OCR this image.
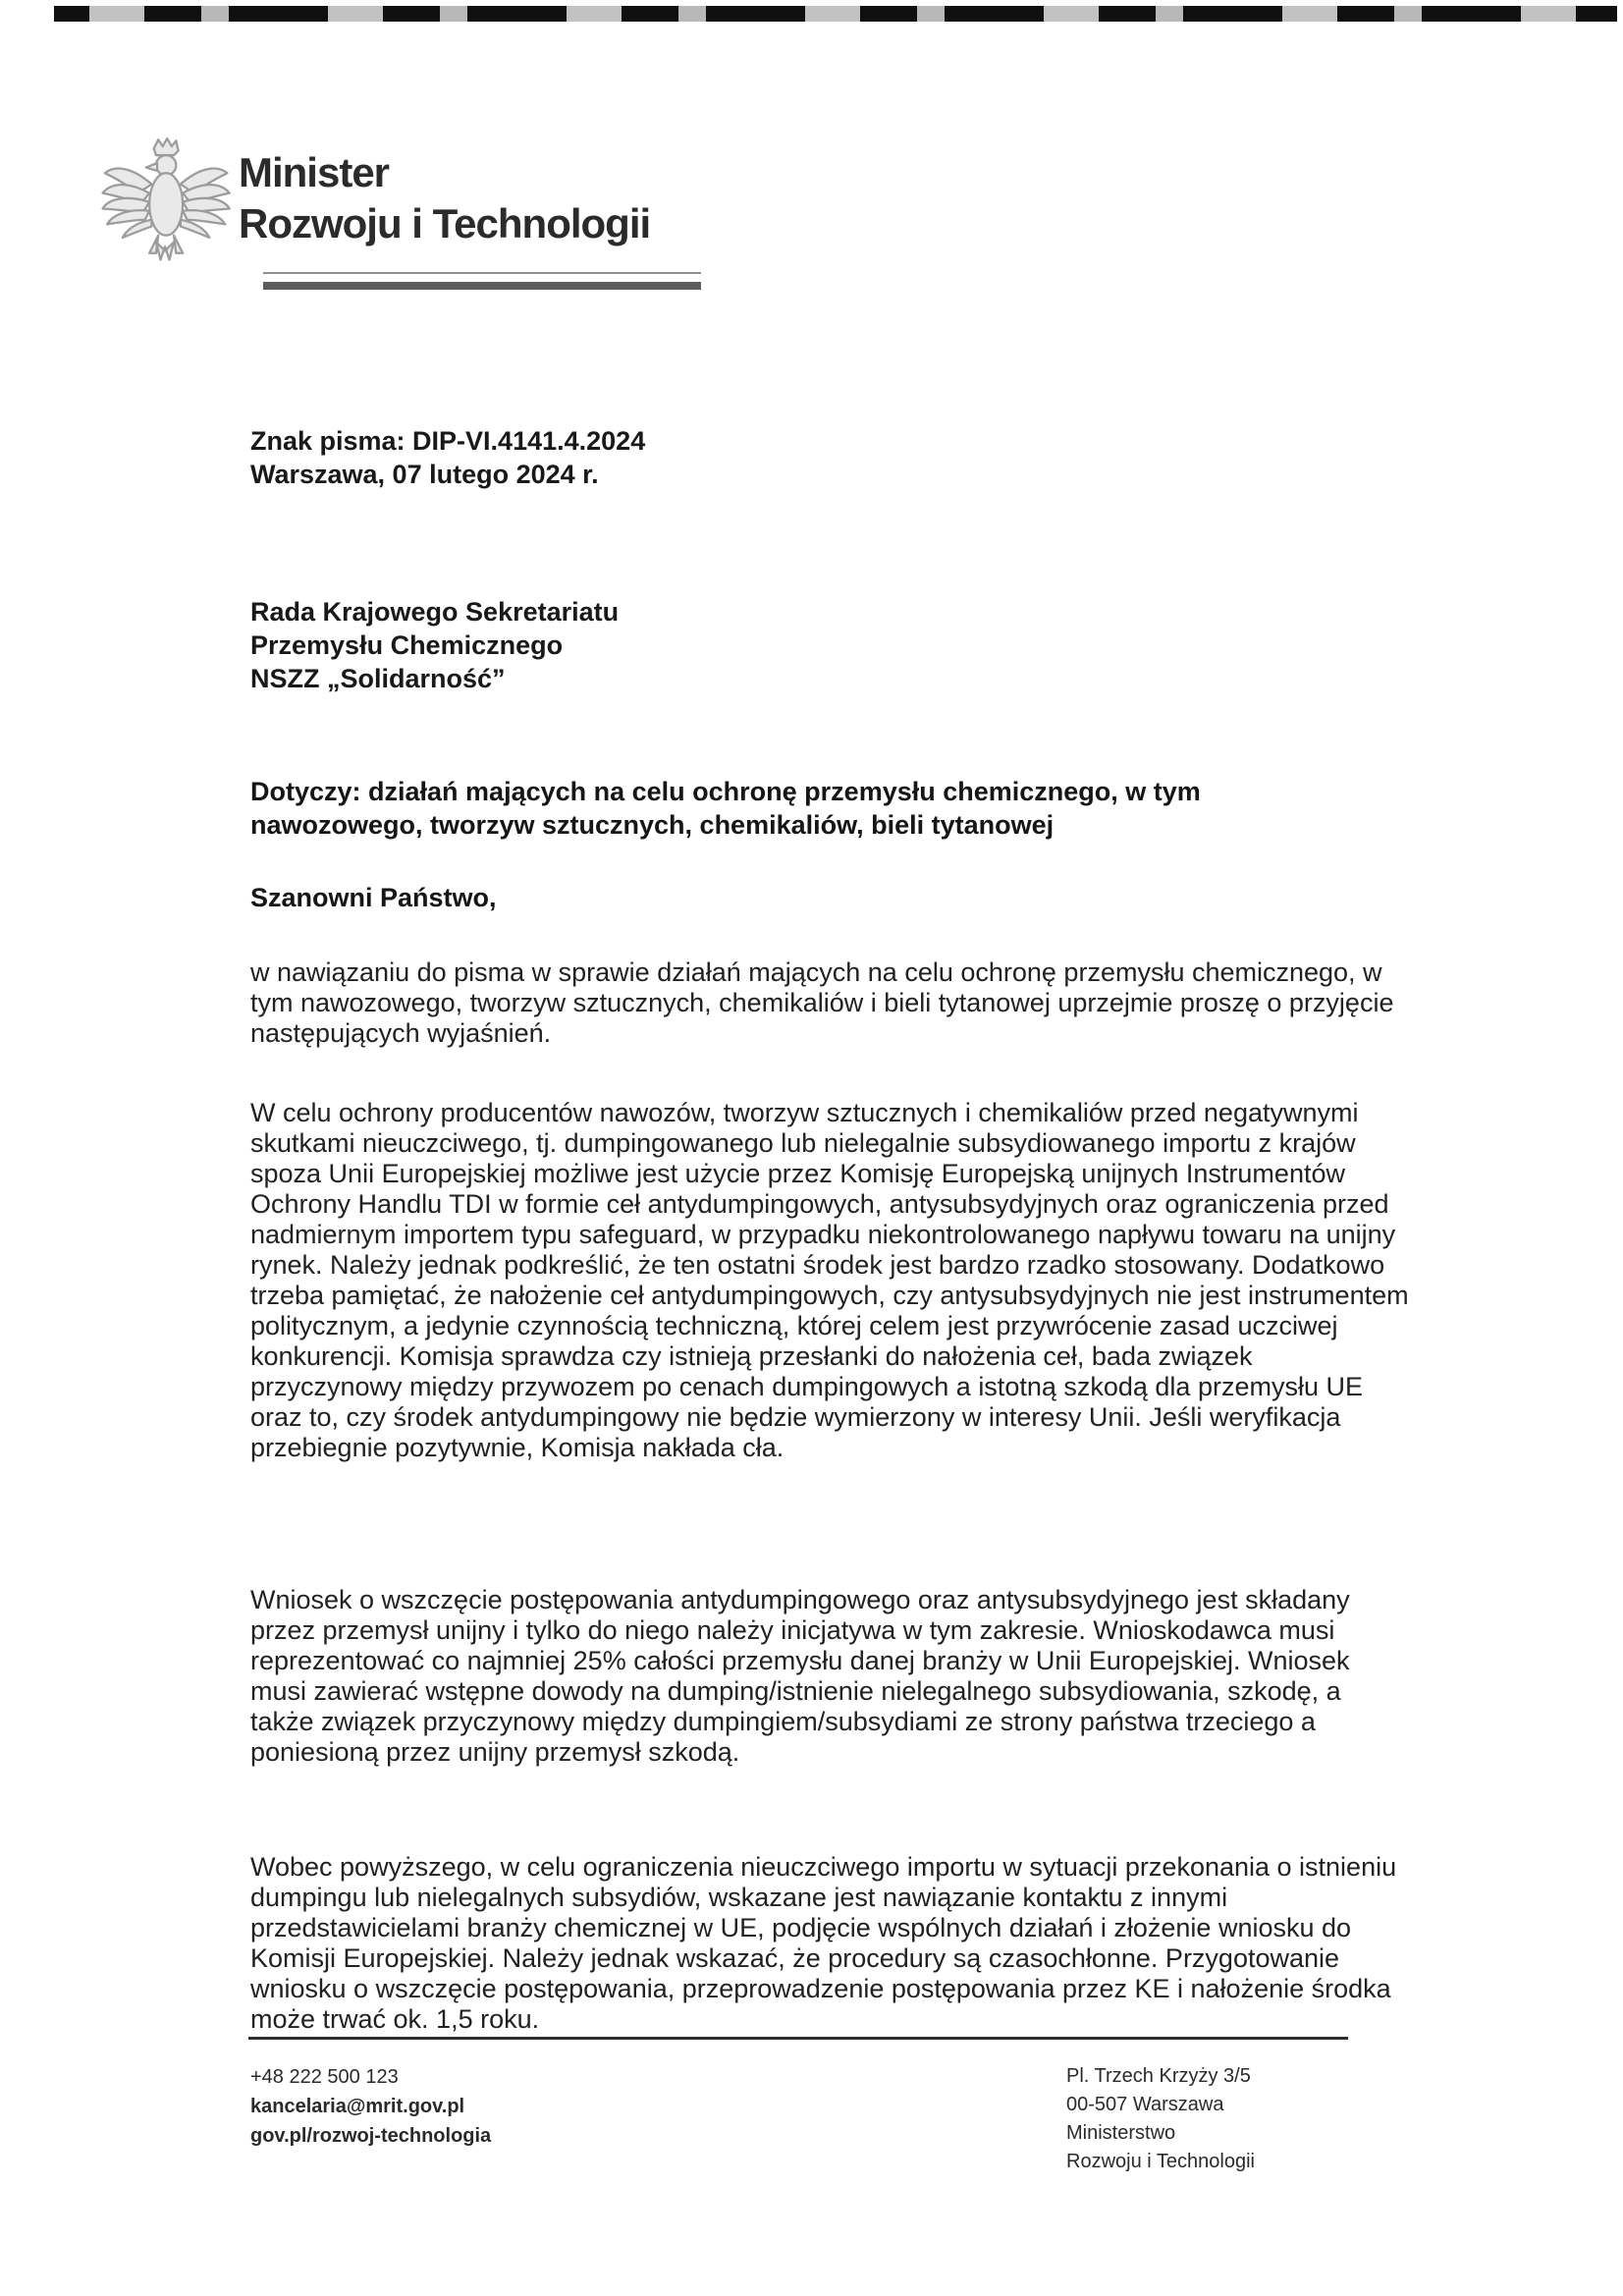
Minister
Rozwoju i Technologii
Znak pisma: DIP-VI.4141.4.2024
Warszawa, 07 lutego 2024 r.
Rada Krajowego Sekretariatu
Przemysłu Chemicznego
NSZZ „Solidarność”
Dotyczy: działań mających na celu ochronę przemysłu chemicznego, w tym nawozowego, tworzyw sztucznych, chemikaliów, bieli tytanowej
Szanowni Państwo,
w nawiązaniu do pisma w sprawie działań mających na celu ochronę przemysłu chemicznego, w tym nawozowego, tworzyw sztucznych, chemikaliów i bieli tytanowej uprzejmie proszę o przyjęcie następujących wyjaśnień.
W celu ochrony producentów nawozów, tworzyw sztucznych i chemikaliów przed negatywnymi skutkami nieuczciwego, tj. dumpingowanego lub nielegalnie subsydiowanego importu z krajów spoza Unii Europejskiej możliwe jest użycie przez Komisję Europejską unijnych Instrumentów Ochrony Handlu TDI w formie ceł antydumpingowych, antysubsydyjnych oraz ograniczenia przed nadmiernym importem typu safeguard, w przypadku niekontrolowanego napływu towaru na unijny rynek. Należy jednak podkreślić, że ten ostatni środek jest bardzo rzadko stosowany. Dodatkowo trzeba pamiętać, że nałożenie ceł antydumpingowych, czy antysubsydyjnych nie jest instrumentem politycznym, a jedynie czynnością techniczną, której celem jest przywrócenie zasad uczciwej konkurencji. Komisja sprawdza czy istnieją przesłanki do nałożenia ceł, bada związek przyczynowy między przywozem po cenach dumpingowych a istotną szkodą dla przemysłu UE oraz to, czy środek antydumpingowy nie będzie wymierzony w interesy Unii. Jeśli weryfikacja przebiegnie pozytywnie, Komisja nakłada cła.
Wniosek o wszczęcie postępowania antydumpingowego oraz antysubsydyjnego jest składany przez przemysł unijny i tylko do niego należy inicjatywa w tym zakresie. Wnioskodawca musi reprezentować co najmniej 25% całości przemysłu danej branży w Unii Europejskiej. Wniosek musi zawierać wstępne dowody na dumping/istnienie nielegalnego subsydiowania, szkodę, a także związek przyczynowy między dumpingiem/subsydiami ze strony państwa trzeciego a poniesioną przez unijny przemysł szkodą.
Wobec powyższego, w celu ograniczenia nieuczciwego importu w sytuacji przekonania o istnieniu dumpingu lub nielegalnych subsydiów, wskazane jest nawiązanie kontaktu z innymi przedstawicielami branży chemicznej w UE, podjęcie wspólnych działań i złożenie wniosku do Komisji Europejskiej. Należy jednak wskazać, że procedury są czasochłonne. Przygotowanie wniosku o wszczęcie postępowania, przeprowadzenie postępowania przez KE i nałożenie środka może trwać ok. 1,5 roku.
+48 222 500 123
kancelaria@mrit.gov.pl
gov.pl/rozwoj-technologia
Pl. Trzech Krzyży 3/5
00-507 Warszawa
Ministerstwo
Rozwoju i Technologii
